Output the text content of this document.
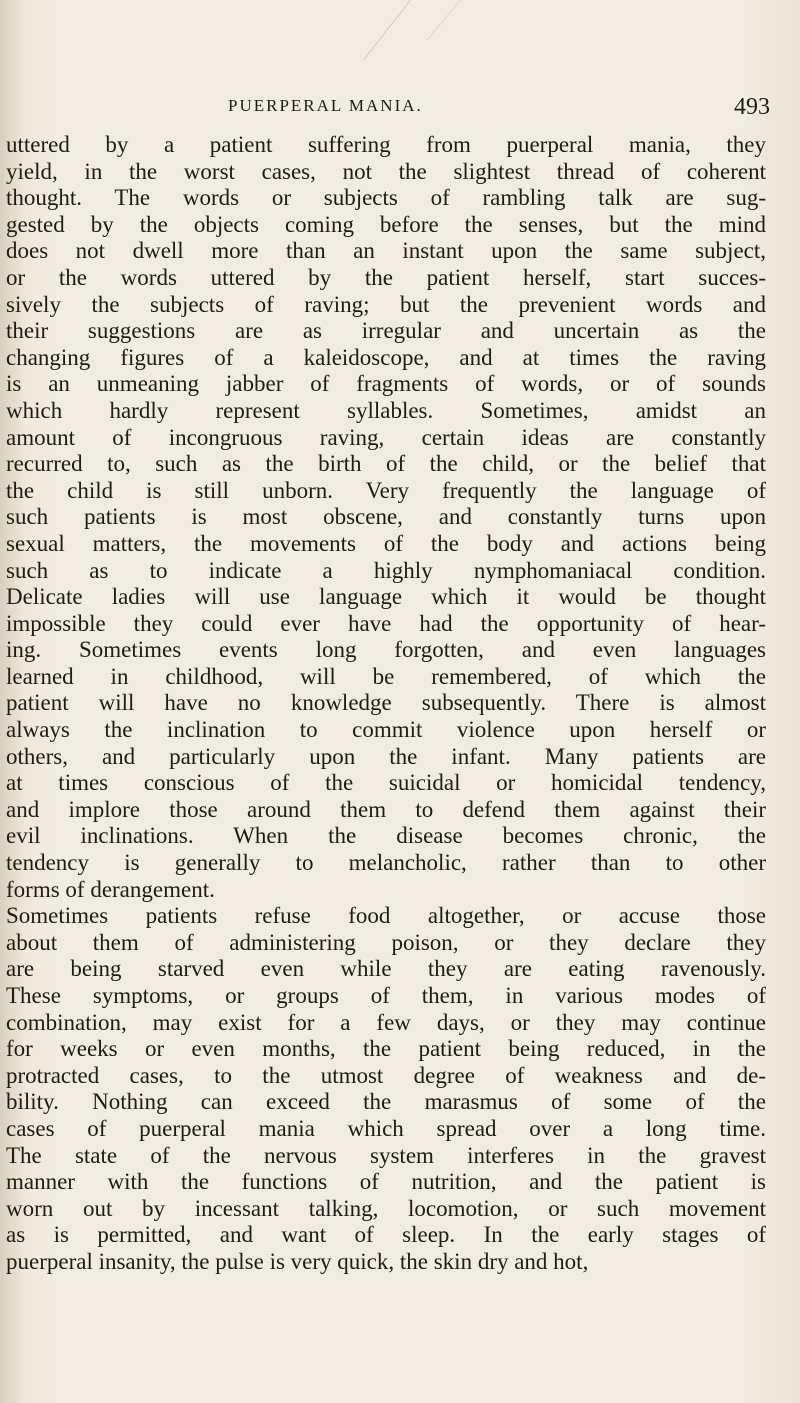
PUERPERAL MANIA.	493
uttered by a patient suffering from puerperal mania, they
yield, in the worst cases, not the slightest thread of coherent
thought. The words or subjects of rambling talk are sug-
gested by the objects coming before the senses, but the mind
does not dwell more than an instant upon the same subject,
or the words uttered by the patient herself, start succes-
sively the subjects of raving; but the prevenient words and
their suggestions are as irregular and uncertain as the
changing figures of a kaleidoscope, and at times the raving
is an unmeaning jabber of fragments of words, or of sounds
which hardly represent syllables. Sometimes, amidst an
amount of incongruous raving, certain ideas are constantly
recurred to, such as the birth of the child, or the belief that
the child is still unborn. Very frequently the language of
such patients is most obscene, and constantly turns upon
sexual matters, the movements of the body and actions being
such as to indicate a highly nymphomaniacal condition.
Delicate ladies will use language which it would be thought
impossible they could ever have had the opportunity of hear-
ing. Sometimes events long forgotten, and even languages
learned in childhood, will be remembered, of which the
patient will have no knowledge subsequently. There is almost
always the inclination to commit violence upon herself or
others, and particularly upon the infant. Many patients are
at times conscious of the suicidal or homicidal tendency,
and implore those around them to defend them against their
evil inclinations. When the disease becomes chronic, the
tendency is generally to melancholic, rather than to other
forms of derangement.
Sometimes patients refuse food altogether, or accuse those
about them of administering poison, or they declare they
are being starved even while they are eating ravenously.
These symptoms, or groups of them, in various modes of
combination, may exist for a few days, or they may continue
for weeks or even months, the patient being reduced, in the
protracted cases, to the utmost degree of weakness and de-
bility. Nothing can exceed the marasmus of some of the
cases of puerperal mania which spread over a long time.
The state of the nervous system interferes in the gravest
manner with the functions of nutrition, and the patient is
worn out by incessant talking, locomotion, or such movement
as is permitted, and want of sleep. In the early stages of
puerperal insanity, the pulse is very quick, the skin dry and hot,
